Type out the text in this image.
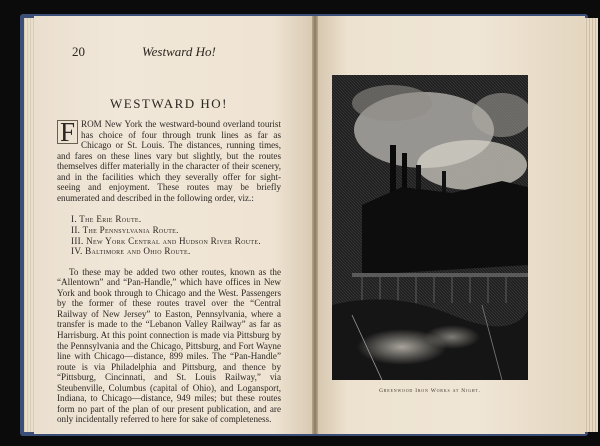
20	Westward Ho!
WESTWARD HO!

F ROM New York the westward-bound overland tourist has choice of four through trunk lines as far as Chicago or St. Louis. The distances, running times, and fares on these lines vary but slightly, but the routes themselves differ materially in the character of their scenery, and in the facilities which they severally offer for sight-seeing and enjoyment. These routes may be briefly enumerated and described in the following order, viz.:

I. The Erie Route.
II. The Pennsylvania Route.
III. New York Central and Hudson River Route.
IV. Baltimore and Ohio Route.

To these may be added two other routes, known as the “Allentown” and “Pan-Handle,” which have offices in New York and book through to Chicago and the West. Passengers by the former of these routes travel over the “Central Railway of New Jersey” to Easton, Pennsylvania, where a transfer is made to the “Lebanon Valley Railway” as far as Harrisburg. At this point connection is made via Pittsburg by the Pennsylvania and the Chicago, Pittsburg, and Fort Wayne line with Chicago—distance, 899 miles. The “Pan-Handle” route is via Philadelphia and Pittsburg, and thence by “Pittsburg, Cincinnati, and St. Louis Railway,” via Steubenville, Columbus (capital of Ohio), and Logansport, Indiana, to Chicago—distance, 949 miles; but these routes form no part of the plan of our present publication, and are only incidentally referred to here for sake of completeness.

Greenwood Iron Works at Night.
